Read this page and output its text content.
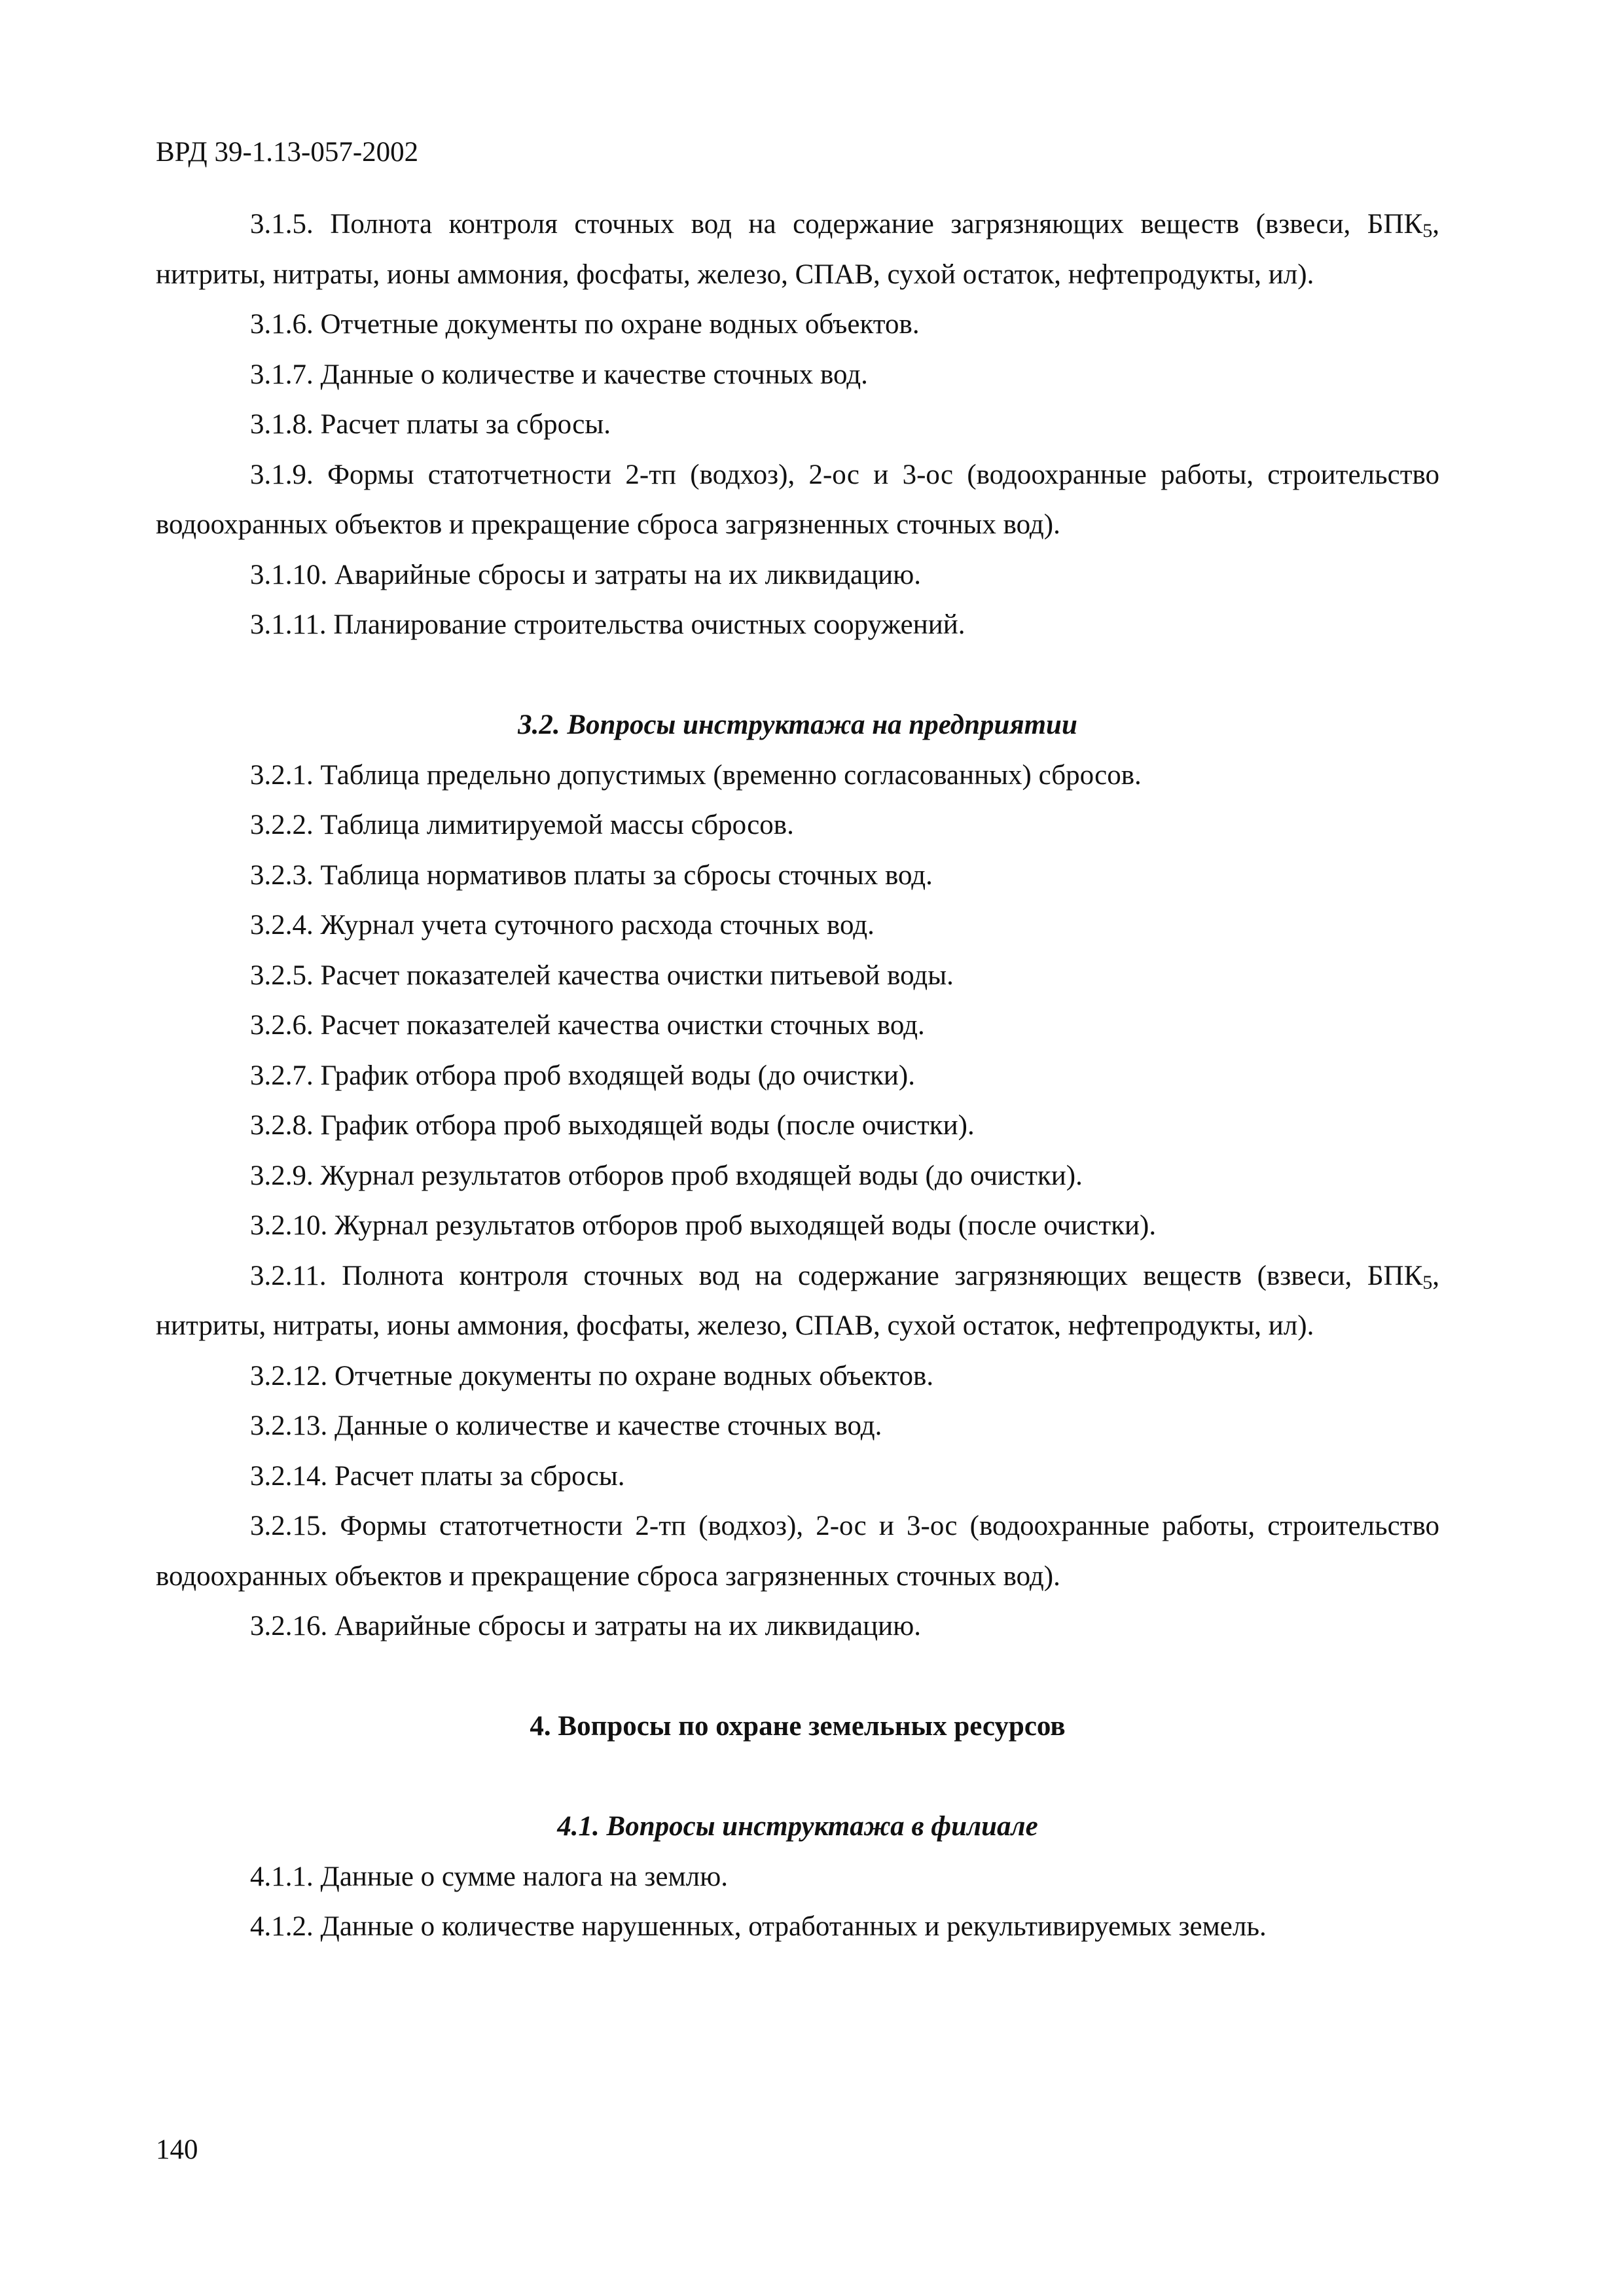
ВРД 39-1.13-057-2002

3.1.5. Полнота контроля сточных вод на содержание загрязняющих веществ (взвеси, $БПК_5$, нитриты, нитраты, ионы аммония, фосфаты, железо, СПАВ, сухой остаток, нефтепродукты, ил).

3.1.6. Отчетные документы по охране водных объектов.

3.1.7. Данные о количестве и качестве сточных вод.

3.1.8. Расчет платы за сбросы.

3.1.9. Формы статотчетности 2-тп (водхоз), 2-ос и 3-ос (водоохранные работы, строительство водоохранных объектов и прекращение сброса загрязненных сточных вод).

3.1.10. Аварийные сбросы и затраты на их ликвидацию.

3.1.11. Планирование строительства очистных сооружений.

3.2. Вопросы инструктажа на предприятии

3.2.1. Таблица предельно допустимых (временно согласованных) сбросов.

3.2.2. Таблица лимитируемой массы сбросов.

3.2.3. Таблица нормативов платы за сбросы сточных вод.

3.2.4. Журнал учета суточного расхода сточных вод.

3.2.5. Расчет показателей качества очистки питьевой воды.

3.2.6. Расчет показателей качества очистки сточных вод.

3.2.7. График отбора проб входящей воды (до очистки).

3.2.8. График отбора проб выходящей воды (после очистки).

3.2.9. Журнал результатов отборов проб входящей воды (до очистки).

3.2.10. Журнал результатов отборов проб выходящей воды (после очистки).

3.2.11. Полнота контроля сточных вод на содержание загрязняющих веществ (взвеси, $БПК_5$, нитриты, нитраты, ионы аммония, фосфаты, железо, СПАВ, сухой остаток, нефтепродукты, ил).

3.2.12. Отчетные документы по охране водных объектов.

3.2.13. Данные о количестве и качестве сточных вод.

3.2.14. Расчет платы за сбросы.

3.2.15. Формы статотчетности 2-тп (водхоз), 2-ос и 3-ос (водоохранные работы, строительство водоохранных объектов и прекращение сброса загрязненных сточных вод).

3.2.16. Аварийные сбросы и затраты на их ликвидацию.

4. Вопросы по охране земельных ресурсов

4.1. Вопросы инструктажа в филиале

4.1.1. Данные о сумме налога на землю.

4.1.2. Данные о количестве нарушенных, отработанных и рекультивируемых земель.

140
